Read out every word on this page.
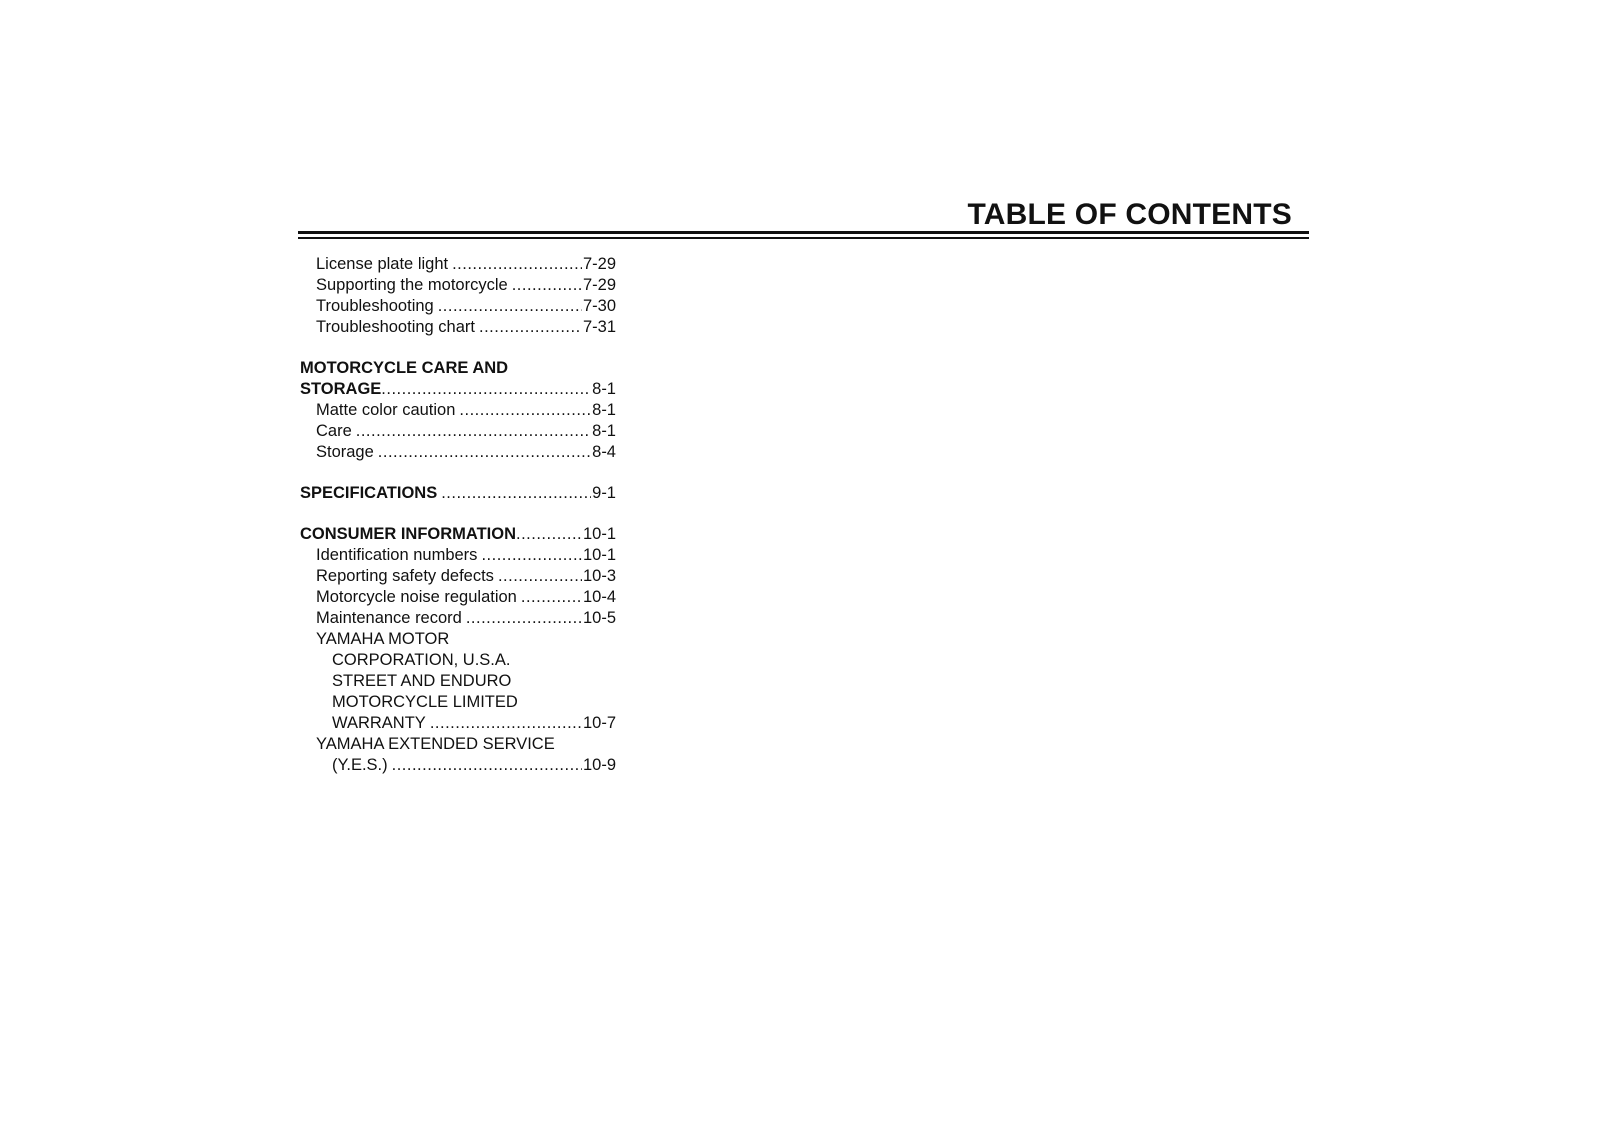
TABLE OF CONTENTS
License plate light .....	7-29
Supporting the motorcycle .....	7-29
Troubleshooting .....	7-30
Troubleshooting chart .....	7-31
MOTORCYCLE CARE AND
STORAGE .....	8-1
Matte color caution .....	8-1
Care .....	8-1
Storage .....	8-4
SPECIFICATIONS .....	9-1
CONSUMER INFORMATION .....	10-1
Identification numbers .....	10-1
Reporting safety defects .....	10-3
Motorcycle noise regulation .....	10-4
Maintenance record .....	10-5
YAMAHA MOTOR
CORPORATION, U.S.A.
STREET AND ENDURO
MOTORCYCLE LIMITED
WARRANTY .....	10-7
YAMAHA EXTENDED SERVICE
(Y.E.S.) .....	10-9
